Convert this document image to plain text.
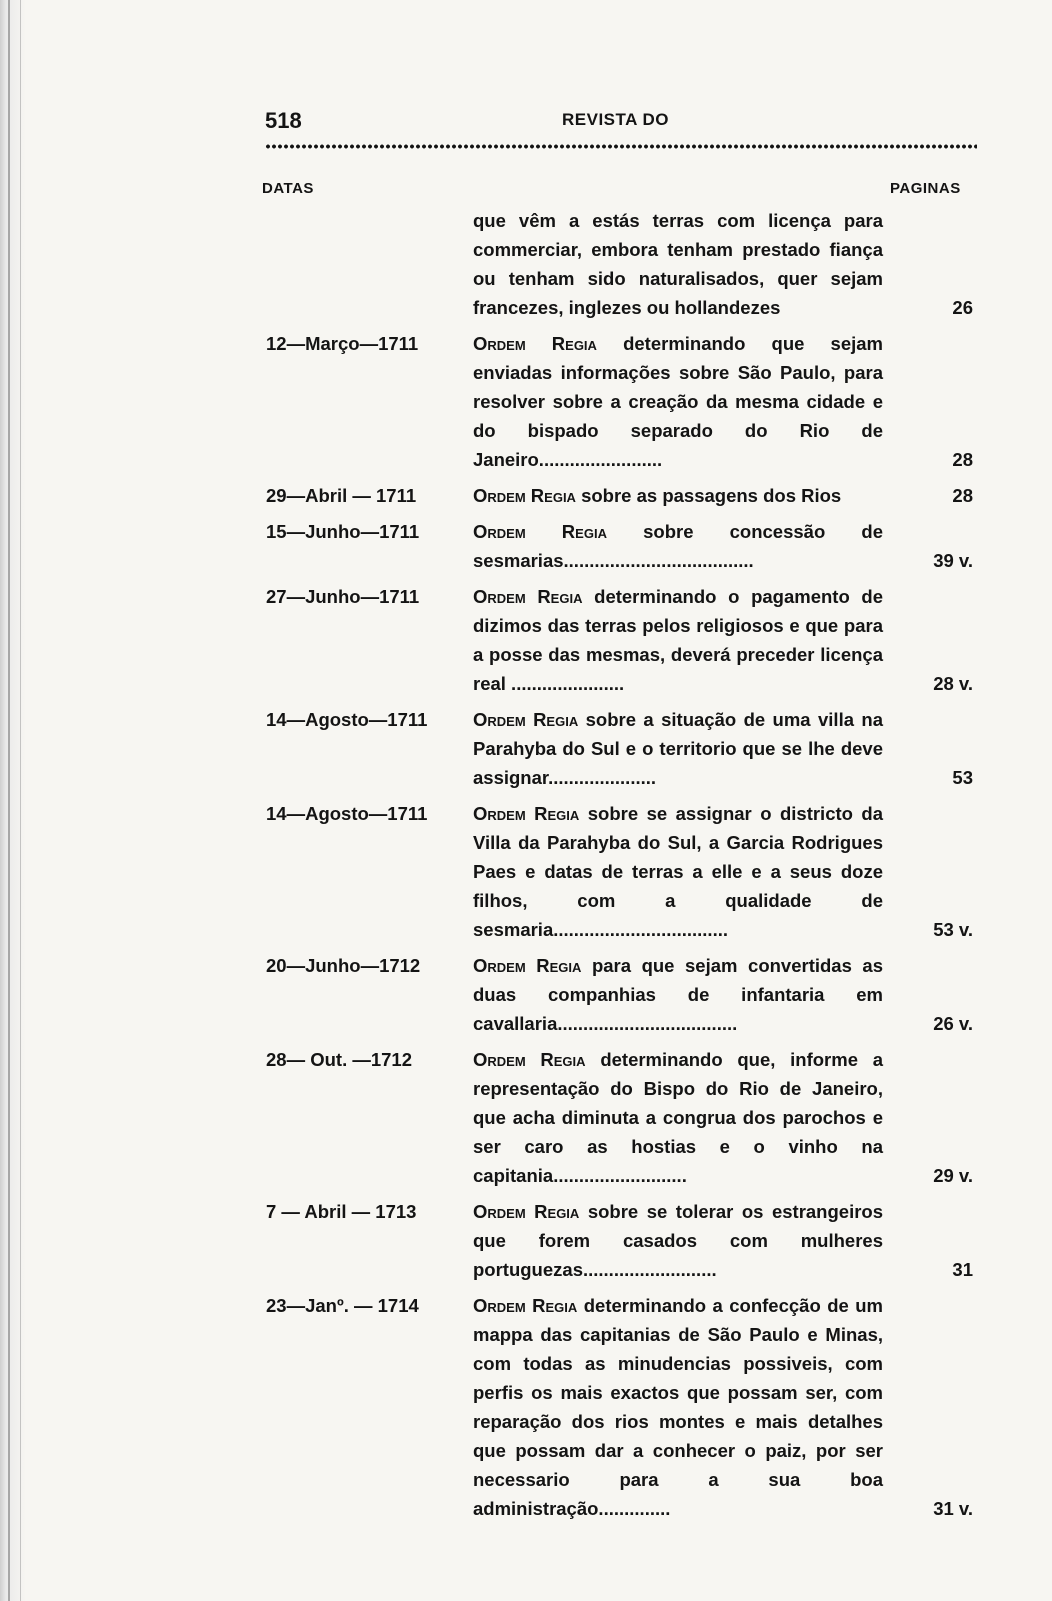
518	REVISTA DO
DATAS	PAGINAS
que vêm a estás terras com licença para commerciar, embora tenham prestado fiança ou tenham sido naturalisados, quer sejam francezes, inglezes ou hollandezes	26
12—Março—1711	Ordem Regia determinando que sejam enviadas informações sobre São Paulo, para resolver sobre a creação da mesma cidade e do bispado separado do Rio de Janeiro........................	28
29—Abril — 1711	Ordem Regia sobre as passagens dos Rios	28
15—Junho—1711	Ordem Regia sobre concessão de sesmarias.....................................	39 v.
27—Junho—1711	Ordem Regia determinando o pagamento de dizimos das terras pelos religiosos e que para a posse das mesmas, deverá preceder licença real ......................	28 v.
14—Agosto—1711	Ordem Regia sobre a situação de uma villa na Parahyba do Sul e o territorio que se lhe deve assignar.....................	53
14—Agosto—1711	Ordem Regia sobre se assignar o districto da Villa da Parahyba do Sul, a Garcia Rodrigues Paes e datas de terras a elle e a seus doze filhos, com a qualidade de sesmaria..................................	53 v.
20—Junho—1712	Ordem Regia para que sejam convertidas as duas companhias de infantaria em cavallaria...................................	26 v.
28— Out. —1712	Ordem Regia determinando que, informe a representação do Bispo do Rio de Janeiro, que acha diminuta a congrua dos parochos e ser caro as hostias e o vinho na capitania..........................	29 v.
7 — Abril — 1713	Ordem Regia sobre se tolerar os estrangeiros que forem casados com mulheres portuguezas..........................	31
23—Janº. — 1714	Ordem Regia determinando a confecção de um mappa das capitanias de São Paulo e Minas, com todas as minudencias possiveis, com perfis os mais exactos que possam ser, com reparação dos rios montes e mais detalhes que possam dar a conhecer o paiz, por ser necessario para a sua boa administração..............	31 v.
